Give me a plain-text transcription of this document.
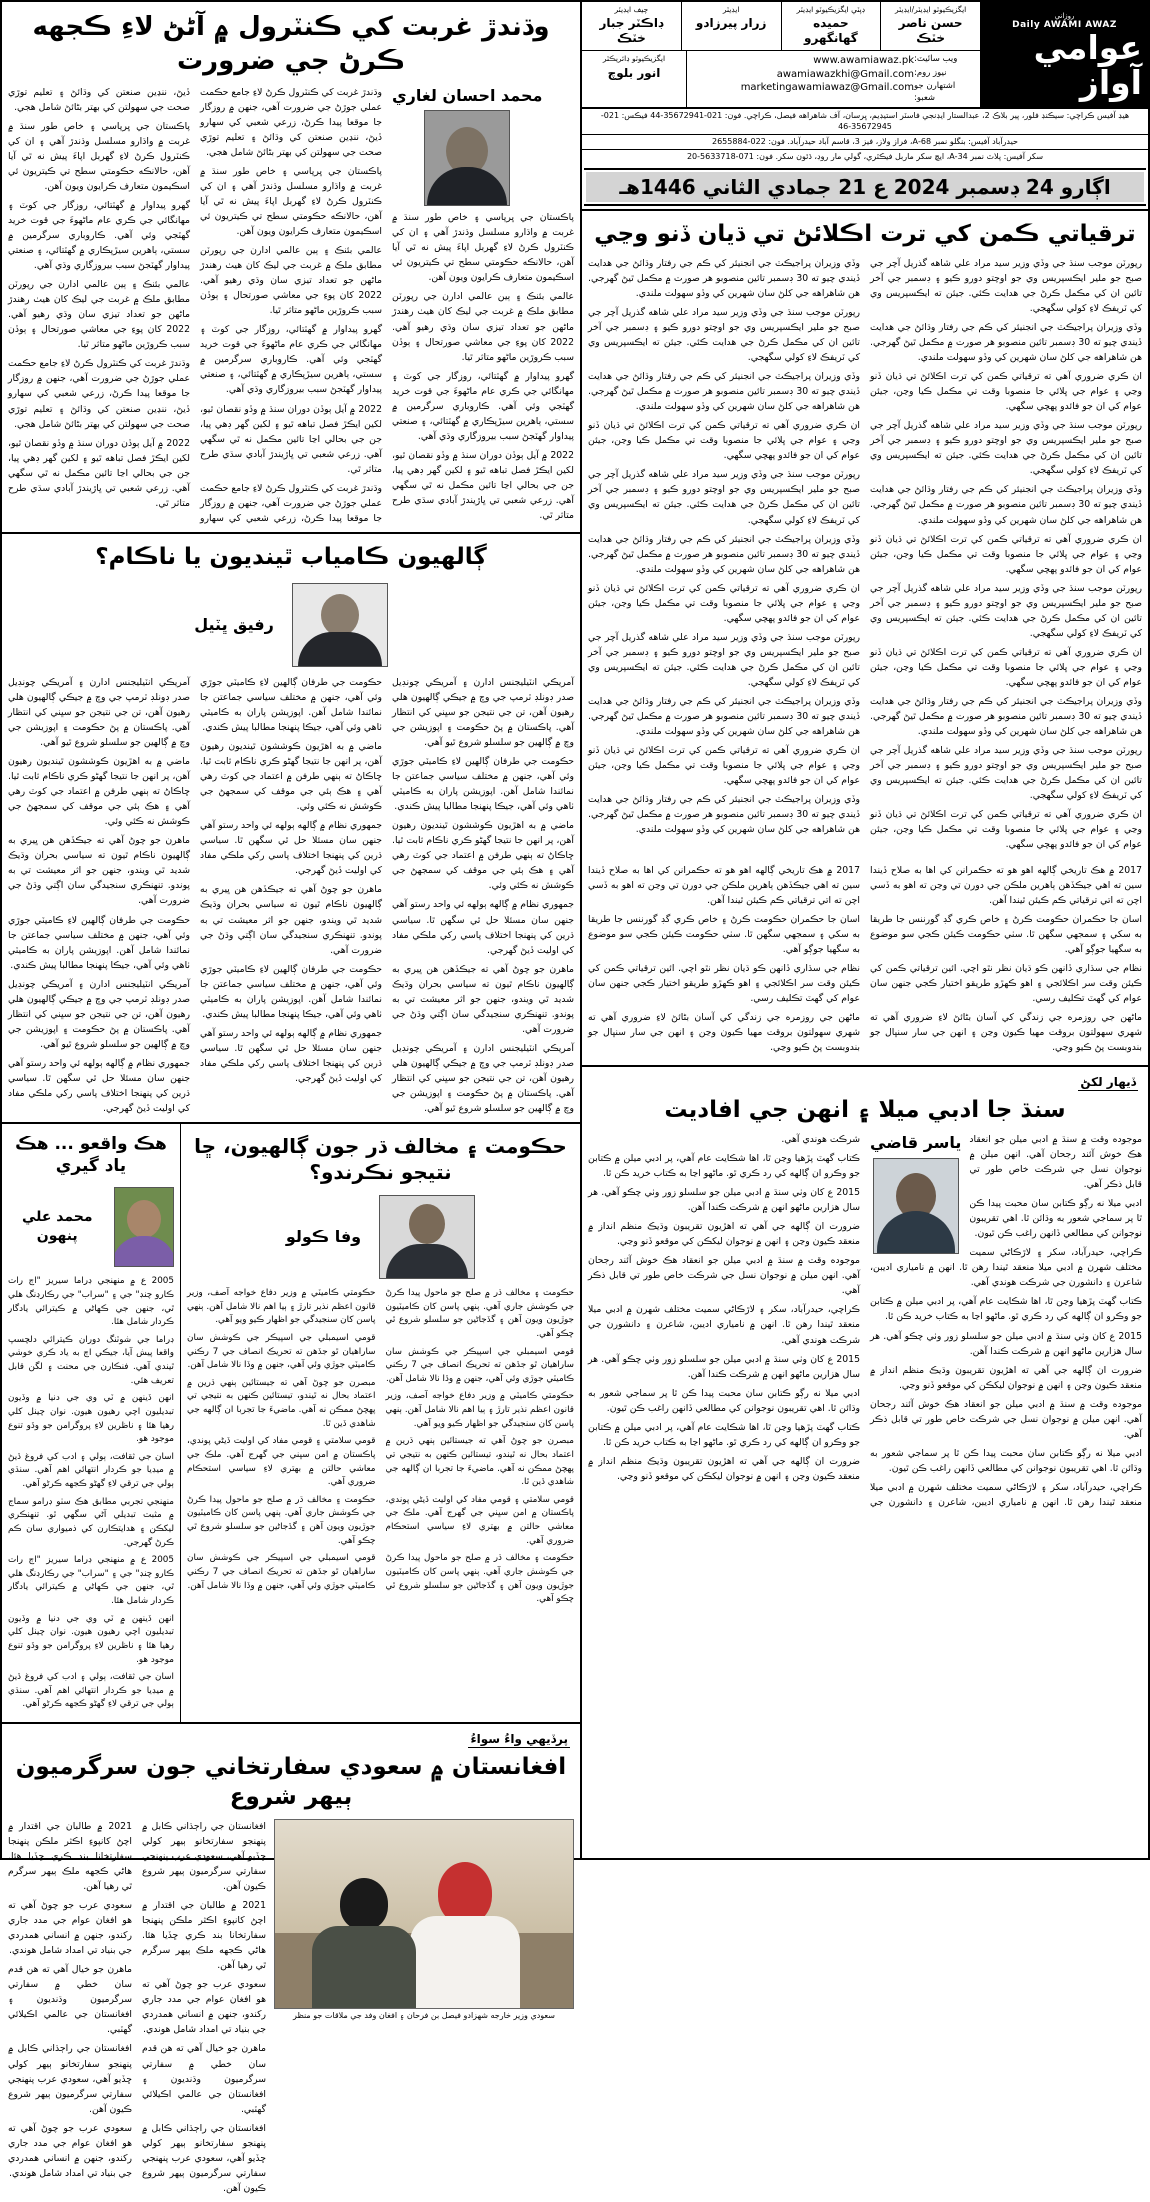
روزاني
Daily AWAMI AWAZ
عوامي آواز
ايگزيڪيوٽو ايڊيٽر/ايڊيٽر
حسن ناصر خٽڪ
ڊپٽي ايگزيڪيوٽو ايڊيٽر
حميده گھانگھرو
ايڊيٽر
زرار پيرزادو
چيف ايڊيٽر
ڊاڪٽر جبار خٽڪ
ويب سائيٽ:
www.awamiawaz.pk
نيوز روم:
awamiawazkhi@Gmail.com
اشتهارن جو شعبو:
marketingawamiawaz@Gmail.com
ايگزيڪيوٽو ڊائريڪٽر
انور بلوچ
هيڊ آفيس ڪراچي: سيڪنڊ فلور، پير بلاڪ 2، عبدالستار ايڊنجي فاسٽر استيڊيم، ڀرسان، آف شاهراهه فيصل، ڪراچي. فون: 021-35672941-44 فيڪس: 021-35672945-46
حيدرآباد آفيس: بنگلو نمبر 68-A، فراز ولاز، فيز 3، قاسم آباد حيدرآباد. فون: 022-2655884
سکر آفيس: پلاٽ نمبر 34-A، ايڇ سکر ماربل فيڪٽري، گولي مار روڊ، ڌئون سکر. فون: 071-5633718-20
اڳارو 24 ڊسمبر 2024 ع 21 جمادي الثاني 1446هـ
ترقياتي ڪمن کي ترت اڪلائڻ تي ڌيان ڏنو وڃي

رپورٽن موجب سنڌ جي وڏي وزير سيد مراد علي شاهه گذريل آچر جي صبح جو ملير ايڪسپريس وي جو اوچتو دورو ڪيو ۽ ڊسمبر جي آخر تائين ان کي مڪمل ڪرڻ جي هدايت ڪئي. جيئن ته ايڪسپريس وي کي ٽريفڪ لاءِ کولي سگهجي.

وڏي وزيران پراجيڪٽ جي انجنيئر کي ڪم جي رفتار وڌائڻ جي هدايت ڏيندي چيو ته 30 ڊسمبر تائين منصوبو هر صورت ۾ مڪمل ٿيڻ گهرجي. هن شاهراهه جي کلڻ سان شهرين کي وڏو سهولت ملندي.

ان ڪري ضروري آهي ته ترقياتي ڪمن کي ترت اڪلائڻ تي ڌيان ڏنو وڃي ۽ عوام جي ڀلائي جا منصوبا وقت تي مڪمل ڪيا وڃن، جيئن عوام کي ان جو فائدو پهچي سگهي.

رپورٽن موجب سنڌ جي وڏي وزير سيد مراد علي شاهه گذريل آچر جي صبح جو ملير ايڪسپريس وي جو اوچتو دورو ڪيو ۽ ڊسمبر جي آخر تائين ان کي مڪمل ڪرڻ جي هدايت ڪئي. جيئن ته ايڪسپريس وي کي ٽريفڪ لاءِ کولي سگهجي.

وڏي وزيران پراجيڪٽ جي انجنيئر کي ڪم جي رفتار وڌائڻ جي هدايت ڏيندي چيو ته 30 ڊسمبر تائين منصوبو هر صورت ۾ مڪمل ٿيڻ گهرجي. هن شاهراهه جي کلڻ سان شهرين کي وڏو سهولت ملندي.

ان ڪري ضروري آهي ته ترقياتي ڪمن کي ترت اڪلائڻ تي ڌيان ڏنو وڃي ۽ عوام جي ڀلائي جا منصوبا وقت تي مڪمل ڪيا وڃن، جيئن عوام کي ان جو فائدو پهچي سگهي.

رپورٽن موجب سنڌ جي وڏي وزير سيد مراد علي شاهه گذريل آچر جي صبح جو ملير ايڪسپريس وي جو اوچتو دورو ڪيو ۽ ڊسمبر جي آخر تائين ان کي مڪمل ڪرڻ جي هدايت ڪئي. جيئن ته ايڪسپريس وي کي ٽريفڪ لاءِ کولي سگهجي.

ان ڪري ضروري آهي ته ترقياتي ڪمن کي ترت اڪلائڻ تي ڌيان ڏنو وڃي ۽ عوام جي ڀلائي جا منصوبا وقت تي مڪمل ڪيا وڃن، جيئن عوام کي ان جو فائدو پهچي سگهي.

وڏي وزيران پراجيڪٽ جي انجنيئر کي ڪم جي رفتار وڌائڻ جي هدايت ڏيندي چيو ته 30 ڊسمبر تائين منصوبو هر صورت ۾ مڪمل ٿيڻ گهرجي. هن شاهراهه جي کلڻ سان شهرين کي وڏو سهولت ملندي.

رپورٽن موجب سنڌ جي وڏي وزير سيد مراد علي شاهه گذريل آچر جي صبح جو ملير ايڪسپريس وي جو اوچتو دورو ڪيو ۽ ڊسمبر جي آخر تائين ان کي مڪمل ڪرڻ جي هدايت ڪئي. جيئن ته ايڪسپريس وي کي ٽريفڪ لاءِ کولي سگهجي.

ان ڪري ضروري آهي ته ترقياتي ڪمن کي ترت اڪلائڻ تي ڌيان ڏنو وڃي ۽ عوام جي ڀلائي جا منصوبا وقت تي مڪمل ڪيا وڃن، جيئن عوام کي ان جو فائدو پهچي سگهي.

وڏي وزيران پراجيڪٽ جي انجنيئر کي ڪم جي رفتار وڌائڻ جي هدايت ڏيندي چيو ته 30 ڊسمبر تائين منصوبو هر صورت ۾ مڪمل ٿيڻ گهرجي. هن شاهراهه جي کلڻ سان شهرين کي وڏو سهولت ملندي.

رپورٽن موجب سنڌ جي وڏي وزير سيد مراد علي شاهه گذريل آچر جي صبح جو ملير ايڪسپريس وي جو اوچتو دورو ڪيو ۽ ڊسمبر جي آخر تائين ان کي مڪمل ڪرڻ جي هدايت ڪئي. جيئن ته ايڪسپريس وي کي ٽريفڪ لاءِ کولي سگهجي.

وڏي وزيران پراجيڪٽ جي انجنيئر کي ڪم جي رفتار وڌائڻ جي هدايت ڏيندي چيو ته 30 ڊسمبر تائين منصوبو هر صورت ۾ مڪمل ٿيڻ گهرجي. هن شاهراهه جي کلڻ سان شهرين کي وڏو سهولت ملندي.

ان ڪري ضروري آهي ته ترقياتي ڪمن کي ترت اڪلائڻ تي ڌيان ڏنو وڃي ۽ عوام جي ڀلائي جا منصوبا وقت تي مڪمل ڪيا وڃن، جيئن عوام کي ان جو فائدو پهچي سگهي.

رپورٽن موجب سنڌ جي وڏي وزير سيد مراد علي شاهه گذريل آچر جي صبح جو ملير ايڪسپريس وي جو اوچتو دورو ڪيو ۽ ڊسمبر جي آخر تائين ان کي مڪمل ڪرڻ جي هدايت ڪئي. جيئن ته ايڪسپريس وي کي ٽريفڪ لاءِ کولي سگهجي.

وڏي وزيران پراجيڪٽ جي انجنيئر کي ڪم جي رفتار وڌائڻ جي هدايت ڏيندي چيو ته 30 ڊسمبر تائين منصوبو هر صورت ۾ مڪمل ٿيڻ گهرجي. هن شاهراهه جي کلڻ سان شهرين کي وڏو سهولت ملندي.

ان ڪري ضروري آهي ته ترقياتي ڪمن کي ترت اڪلائڻ تي ڌيان ڏنو وڃي ۽ عوام جي ڀلائي جا منصوبا وقت تي مڪمل ڪيا وڃن، جيئن عوام کي ان جو فائدو پهچي سگهي.

رپورٽن موجب سنڌ جي وڏي وزير سيد مراد علي شاهه گذريل آچر جي صبح جو ملير ايڪسپريس وي جو اوچتو دورو ڪيو ۽ ڊسمبر جي آخر تائين ان کي مڪمل ڪرڻ جي هدايت ڪئي. جيئن ته ايڪسپريس وي کي ٽريفڪ لاءِ کولي سگهجي.

وڏي وزيران پراجيڪٽ جي انجنيئر کي ڪم جي رفتار وڌائڻ جي هدايت ڏيندي چيو ته 30 ڊسمبر تائين منصوبو هر صورت ۾ مڪمل ٿيڻ گهرجي. هن شاهراهه جي کلڻ سان شهرين کي وڏو سهولت ملندي.

ان ڪري ضروري آهي ته ترقياتي ڪمن کي ترت اڪلائڻ تي ڌيان ڏنو وڃي ۽ عوام جي ڀلائي جا منصوبا وقت تي مڪمل ڪيا وڃن، جيئن عوام کي ان جو فائدو پهچي سگهي.

وڏي وزيران پراجيڪٽ جي انجنيئر کي ڪم جي رفتار وڌائڻ جي هدايت ڏيندي چيو ته 30 ڊسمبر تائين منصوبو هر صورت ۾ مڪمل ٿيڻ گهرجي. هن شاهراهه جي کلڻ سان شهرين کي وڏو سهولت ملندي.

2017 ۾ هڪ تاريخي ڳالهه اهو هو ته حڪمرانن کي اها به صلاح ڏيندا سين ته اهي جيڪڏهن ٻاهرين ملڪن جي دورن تي وڃن ته اهو به ڏسي اچن ته اتي ترقياتي ڪم ڪيئن ٿيندا آهن.

اسان جا حڪمران حڪومت ڪرڻ ۽ خاص ڪري گڊ گورننس جا طريقا به سکي ۽ سمجهي سگهن ٿا. سٺي حڪومت ڪيئن ڪجي سو موضوع به سگهيا جوڳو آهي.

نظام جي سڌاري ڏانهن ڪو ڌيان نظر نٿو اچي. ائين ترقياتي ڪمن کي ڪيئن وقت سر اڪلائجي ۽ اهو ڪهڙو طريقو اختيار ڪجي جنهن سان عوام کي گهٽ تڪليف رسي.

ماڻهن جي روزمره جي زندگي کي آسان بڻائڻ لاءِ ضروري آهي ته شهري سهولتون بروقت مهيا ڪيون وڃن ۽ انهن جي سار سنڀال جو بندوبست پڻ ڪيو وڃي.

2017 ۾ هڪ تاريخي ڳالهه اهو هو ته حڪمرانن کي اها به صلاح ڏيندا سين ته اهي جيڪڏهن ٻاهرين ملڪن جي دورن تي وڃن ته اهو به ڏسي اچن ته اتي ترقياتي ڪم ڪيئن ٿيندا آهن.

اسان جا حڪمران حڪومت ڪرڻ ۽ خاص ڪري گڊ گورننس جا طريقا به سکي ۽ سمجهي سگهن ٿا. سٺي حڪومت ڪيئن ڪجي سو موضوع به سگهيا جوڳو آهي.

نظام جي سڌاري ڏانهن ڪو ڌيان نظر نٿو اچي. ائين ترقياتي ڪمن کي ڪيئن وقت سر اڪلائجي ۽ اهو ڪهڙو طريقو اختيار ڪجي جنهن سان عوام کي گهٽ تڪليف رسي.

ماڻهن جي روزمره جي زندگي کي آسان بڻائڻ لاءِ ضروري آهي ته شهري سهولتون بروقت مهيا ڪيون وڃن ۽ انهن جي سار سنڀال جو بندوبست پڻ ڪيو وڃي.

ڏيهار لکڻ
سنڌ جا ادبي ميلا ۽ انهن جي افاديت
ياسر قاضي موجوده وقت ۾ سنڌ ۾ ادبي ميلن جو انعقاد هڪ خوش آئند رجحان آهي. انهن ميلن ۾ نوجوان نسل جي شرڪت خاص طور تي قابل ذڪر آهي.

ادبي ميلا نه رڳو ڪتابن سان محبت پيدا ڪن ٿا پر سماجي شعور به وڌائن ٿا. اهي تقريبون نوجوانن کي مطالعي ڏانهن راغب ڪن ٿيون.

ڪراچي، حيدرآباد، سکر ۽ لاڙڪاڻي سميت مختلف شهرن ۾ ادبي ميلا منعقد ٿيندا رهن ٿا. انهن ۾ نامياري اديبن، شاعرن ۽ دانشورن جي شرڪت هوندي آهي.

ڪتاب گهٽ پڙهيا وڃن ٿا، اها شڪايت عام آهي، پر ادبي ميلن ۾ ڪتابن جو وڪرو ان ڳالهه کي رد ڪري ٿو. ماڻهو اڃا به ڪتاب خريد ڪن ٿا.

2015 ع کان وٺي سنڌ ۾ ادبي ميلن جو سلسلو زور وٺي چڪو آهي. هر سال هزارين ماڻهو انهن ۾ شرڪت ڪندا آهن.

ضرورت ان ڳالهه جي آهي ته اهڙيون تقريبون وڌيڪ منظم انداز ۾ منعقد ڪيون وڃن ۽ انهن ۾ نوجوان ليکڪن کي موقعو ڏنو وڃي.

موجوده وقت ۾ سنڌ ۾ ادبي ميلن جو انعقاد هڪ خوش آئند رجحان آهي. انهن ميلن ۾ نوجوان نسل جي شرڪت خاص طور تي قابل ذڪر آهي.

ادبي ميلا نه رڳو ڪتابن سان محبت پيدا ڪن ٿا پر سماجي شعور به وڌائن ٿا. اهي تقريبون نوجوانن کي مطالعي ڏانهن راغب ڪن ٿيون.

ڪراچي، حيدرآباد، سکر ۽ لاڙڪاڻي سميت مختلف شهرن ۾ ادبي ميلا منعقد ٿيندا رهن ٿا. انهن ۾ نامياري اديبن، شاعرن ۽ دانشورن جي شرڪت هوندي آهي.

ڪتاب گهٽ پڙهيا وڃن ٿا، اها شڪايت عام آهي، پر ادبي ميلن ۾ ڪتابن جو وڪرو ان ڳالهه کي رد ڪري ٿو. ماڻهو اڃا به ڪتاب خريد ڪن ٿا.

2015 ع کان وٺي سنڌ ۾ ادبي ميلن جو سلسلو زور وٺي چڪو آهي. هر سال هزارين ماڻهو انهن ۾ شرڪت ڪندا آهن.

ضرورت ان ڳالهه جي آهي ته اهڙيون تقريبون وڌيڪ منظم انداز ۾ منعقد ڪيون وڃن ۽ انهن ۾ نوجوان ليکڪن کي موقعو ڏنو وڃي.

موجوده وقت ۾ سنڌ ۾ ادبي ميلن جو انعقاد هڪ خوش آئند رجحان آهي. انهن ميلن ۾ نوجوان نسل جي شرڪت خاص طور تي قابل ذڪر آهي.

ڪراچي، حيدرآباد، سکر ۽ لاڙڪاڻي سميت مختلف شهرن ۾ ادبي ميلا منعقد ٿيندا رهن ٿا. انهن ۾ نامياري اديبن، شاعرن ۽ دانشورن جي شرڪت هوندي آهي.

2015 ع کان وٺي سنڌ ۾ ادبي ميلن جو سلسلو زور وٺي چڪو آهي. هر سال هزارين ماڻهو انهن ۾ شرڪت ڪندا آهن.

ادبي ميلا نه رڳو ڪتابن سان محبت پيدا ڪن ٿا پر سماجي شعور به وڌائن ٿا. اهي تقريبون نوجوانن کي مطالعي ڏانهن راغب ڪن ٿيون.

ڪتاب گهٽ پڙهيا وڃن ٿا، اها شڪايت عام آهي، پر ادبي ميلن ۾ ڪتابن جو وڪرو ان ڳالهه کي رد ڪري ٿو. ماڻهو اڃا به ڪتاب خريد ڪن ٿا.

ضرورت ان ڳالهه جي آهي ته اهڙيون تقريبون وڌيڪ منظم انداز ۾ منعقد ڪيون وڃن ۽ انهن ۾ نوجوان ليکڪن کي موقعو ڏنو وڃي.

وڌندڙ غربت کي ڪنٽرول ۾ آڻڻ لاءِ ڪجهه ڪرڻ جي ضرورت
محمد احسان لغاري

پاڪستان جي ڀرپاسي ۽ خاص طور سنڌ ۾ غربت ۾ واڌارو مسلسل وڌندڙ آهي ۽ ان کي ڪنٽرول ڪرڻ لاءِ گهربل اپاءَ پيش نه ٿي آيا آهن، حالانڪه حڪومتي سطح تي ڪيتريون ئي اسڪيمون متعارف ڪرايون ويون آهن.

عالمي بئنڪ ۽ ٻين عالمي ادارن جي رپورٽن مطابق ملڪ ۾ غربت جي ليڪ کان هيٺ رهندڙ ماڻهن جو تعداد تيزي سان وڌي رهيو آهي. 2022 کان پوءِ جي معاشي صورتحال ۽ ٻوڏن سبب ڪروڙين ماڻهو متاثر ٿيا.

گهرو پيداوار ۾ گهٽتائي، روزگار جي کوٽ ۽ مهانگائي جي ڪري عام ماڻهوءَ جي قوت خريد گهٽجي وئي آهي. ڪاروباري سرگرمين ۾ سستي، ٻاهرين سيڙپڪاري ۾ گهٽتائي، ۽ صنعتي پيداوار گهٽجڻ سبب بيروزگاري وڌي آهي.

2022 ۾ آيل ٻوڏن دوران سنڌ ۾ وڏو نقصان ٿيو، لکين ايڪڙ فصل تباهه ٿيو ۽ لکين گهر ڊهي پيا، جن جي بحالي اڃا تائين مڪمل نه ٿي سگهي آهي. زرعي شعبي تي ڀاڙيندڙ آبادي سڌي طرح متاثر ٿي.

وڌندڙ غربت کي ڪنٽرول ڪرڻ لاءِ جامع حڪمت عملي جوڙڻ جي ضرورت آهي، جنهن ۾ روزگار جا موقعا پيدا ڪرڻ، زرعي شعبي کي سهارو ڏيڻ، ننڍين صنعتن کي وڌائڻ ۽ تعليم توڙي صحت جي سهولتن کي بهتر بڻائڻ شامل هجي.

پاڪستان جي ڀرپاسي ۽ خاص طور سنڌ ۾ غربت ۾ واڌارو مسلسل وڌندڙ آهي ۽ ان کي ڪنٽرول ڪرڻ لاءِ گهربل اپاءَ پيش نه ٿي آيا آهن، حالانڪه حڪومتي سطح تي ڪيتريون ئي اسڪيمون متعارف ڪرايون ويون آهن.

عالمي بئنڪ ۽ ٻين عالمي ادارن جي رپورٽن مطابق ملڪ ۾ غربت جي ليڪ کان هيٺ رهندڙ ماڻهن جو تعداد تيزي سان وڌي رهيو آهي. 2022 کان پوءِ جي معاشي صورتحال ۽ ٻوڏن سبب ڪروڙين ماڻهو متاثر ٿيا.

گهرو پيداوار ۾ گهٽتائي، روزگار جي کوٽ ۽ مهانگائي جي ڪري عام ماڻهوءَ جي قوت خريد گهٽجي وئي آهي. ڪاروباري سرگرمين ۾ سستي، ٻاهرين سيڙپڪاري ۾ گهٽتائي، ۽ صنعتي پيداوار گهٽجڻ سبب بيروزگاري وڌي آهي.

2022 ۾ آيل ٻوڏن دوران سنڌ ۾ وڏو نقصان ٿيو، لکين ايڪڙ فصل تباهه ٿيو ۽ لکين گهر ڊهي پيا، جن جي بحالي اڃا تائين مڪمل نه ٿي سگهي آهي. زرعي شعبي تي ڀاڙيندڙ آبادي سڌي طرح متاثر ٿي.

وڌندڙ غربت کي ڪنٽرول ڪرڻ لاءِ جامع حڪمت عملي جوڙڻ جي ضرورت آهي، جنهن ۾ روزگار جا موقعا پيدا ڪرڻ، زرعي شعبي کي سهارو ڏيڻ، ننڍين صنعتن کي وڌائڻ ۽ تعليم توڙي صحت جي سهولتن کي بهتر بڻائڻ شامل هجي.

پاڪستان جي ڀرپاسي ۽ خاص طور سنڌ ۾ غربت ۾ واڌارو مسلسل وڌندڙ آهي ۽ ان کي ڪنٽرول ڪرڻ لاءِ گهربل اپاءَ پيش نه ٿي آيا آهن، حالانڪه حڪومتي سطح تي ڪيتريون ئي اسڪيمون متعارف ڪرايون ويون آهن.

گهرو پيداوار ۾ گهٽتائي، روزگار جي کوٽ ۽ مهانگائي جي ڪري عام ماڻهوءَ جي قوت خريد گهٽجي وئي آهي. ڪاروباري سرگرمين ۾ سستي، ٻاهرين سيڙپڪاري ۾ گهٽتائي، ۽ صنعتي پيداوار گهٽجڻ سبب بيروزگاري وڌي آهي.

عالمي بئنڪ ۽ ٻين عالمي ادارن جي رپورٽن مطابق ملڪ ۾ غربت جي ليڪ کان هيٺ رهندڙ ماڻهن جو تعداد تيزي سان وڌي رهيو آهي. 2022 کان پوءِ جي معاشي صورتحال ۽ ٻوڏن سبب ڪروڙين ماڻهو متاثر ٿيا.

وڌندڙ غربت کي ڪنٽرول ڪرڻ لاءِ جامع حڪمت عملي جوڙڻ جي ضرورت آهي، جنهن ۾ روزگار جا موقعا پيدا ڪرڻ، زرعي شعبي کي سهارو ڏيڻ، ننڍين صنعتن کي وڌائڻ ۽ تعليم توڙي صحت جي سهولتن کي بهتر بڻائڻ شامل هجي.

2022 ۾ آيل ٻوڏن دوران سنڌ ۾ وڏو نقصان ٿيو، لکين ايڪڙ فصل تباهه ٿيو ۽ لکين گهر ڊهي پيا، جن جي بحالي اڃا تائين مڪمل نه ٿي سگهي آهي. زرعي شعبي تي ڀاڙيندڙ آبادي سڌي طرح متاثر ٿي.

ڳالهيون ڪامياب ٿينديون يا ناڪام؟
رفيق ڀٽيل

آمريڪي انٽيليجنس ادارن ۽ آمريڪي چونڊيل صدر ڊونلڊ ٽرمپ جي وچ ۾ جيڪي ڳالهيون هلي رهيون آهن، تن جي نتيجن جو سڀني کي انتظار آهي. پاڪستان ۾ پڻ حڪومت ۽ اپوزيشن جي وچ ۾ ڳالهين جو سلسلو شروع ٿيو آهي.

حڪومت جي طرفان ڳالهين لاءِ ڪاميٽي جوڙي وئي آهي، جنهن ۾ مختلف سياسي جماعتن جا نمائندا شامل آهن. اپوزيشن پاران به ڪاميٽي ٺاهي وئي آهي، جيڪا پنهنجا مطالبا پيش ڪندي.

ماضي ۾ به اهڙيون ڪوششون ٿينديون رهيون آهن، پر انهن جا نتيجا گهڻو ڪري ناڪام ثابت ٿيا. ڇاڪاڻ ته ٻنهي طرفن ۾ اعتماد جي کوٽ رهي آهي ۽ هڪ ٻئي جي موقف کي سمجهڻ جي ڪوشش نه ڪئي وئي.

جمهوري نظام ۾ ڳالهه ٻولهه ئي واحد رستو آهي جنهن سان مسئلا حل ٿي سگهن ٿا. سياسي ڌرين کي پنهنجا اختلاف پاسي رکي ملڪي مفاد کي اوليت ڏيڻ گهرجي.

ماهرن جو چوڻ آهي ته جيڪڏهن هن ڀيري به ڳالهيون ناڪام ٿيون ته سياسي بحران وڌيڪ شديد ٿي ويندو، جنهن جو اثر معيشت تي به پوندو. تنهنڪري سنجيدگي سان اڳتي وڌڻ جي ضرورت آهي.

آمريڪي انٽيليجنس ادارن ۽ آمريڪي چونڊيل صدر ڊونلڊ ٽرمپ جي وچ ۾ جيڪي ڳالهيون هلي رهيون آهن، تن جي نتيجن جو سڀني کي انتظار آهي. پاڪستان ۾ پڻ حڪومت ۽ اپوزيشن جي وچ ۾ ڳالهين جو سلسلو شروع ٿيو آهي.

حڪومت جي طرفان ڳالهين لاءِ ڪاميٽي جوڙي وئي آهي، جنهن ۾ مختلف سياسي جماعتن جا نمائندا شامل آهن. اپوزيشن پاران به ڪاميٽي ٺاهي وئي آهي، جيڪا پنهنجا مطالبا پيش ڪندي.

ماضي ۾ به اهڙيون ڪوششون ٿينديون رهيون آهن، پر انهن جا نتيجا گهڻو ڪري ناڪام ثابت ٿيا. ڇاڪاڻ ته ٻنهي طرفن ۾ اعتماد جي کوٽ رهي آهي ۽ هڪ ٻئي جي موقف کي سمجهڻ جي ڪوشش نه ڪئي وئي.

جمهوري نظام ۾ ڳالهه ٻولهه ئي واحد رستو آهي جنهن سان مسئلا حل ٿي سگهن ٿا. سياسي ڌرين کي پنهنجا اختلاف پاسي رکي ملڪي مفاد کي اوليت ڏيڻ گهرجي.

ماهرن جو چوڻ آهي ته جيڪڏهن هن ڀيري به ڳالهيون ناڪام ٿيون ته سياسي بحران وڌيڪ شديد ٿي ويندو، جنهن جو اثر معيشت تي به پوندو. تنهنڪري سنجيدگي سان اڳتي وڌڻ جي ضرورت آهي.

حڪومت جي طرفان ڳالهين لاءِ ڪاميٽي جوڙي وئي آهي، جنهن ۾ مختلف سياسي جماعتن جا نمائندا شامل آهن. اپوزيشن پاران به ڪاميٽي ٺاهي وئي آهي، جيڪا پنهنجا مطالبا پيش ڪندي.

جمهوري نظام ۾ ڳالهه ٻولهه ئي واحد رستو آهي جنهن سان مسئلا حل ٿي سگهن ٿا. سياسي ڌرين کي پنهنجا اختلاف پاسي رکي ملڪي مفاد کي اوليت ڏيڻ گهرجي.

آمريڪي انٽيليجنس ادارن ۽ آمريڪي چونڊيل صدر ڊونلڊ ٽرمپ جي وچ ۾ جيڪي ڳالهيون هلي رهيون آهن، تن جي نتيجن جو سڀني کي انتظار آهي. پاڪستان ۾ پڻ حڪومت ۽ اپوزيشن جي وچ ۾ ڳالهين جو سلسلو شروع ٿيو آهي.

ماضي ۾ به اهڙيون ڪوششون ٿينديون رهيون آهن، پر انهن جا نتيجا گهڻو ڪري ناڪام ثابت ٿيا. ڇاڪاڻ ته ٻنهي طرفن ۾ اعتماد جي کوٽ رهي آهي ۽ هڪ ٻئي جي موقف کي سمجهڻ جي ڪوشش نه ڪئي وئي.

ماهرن جو چوڻ آهي ته جيڪڏهن هن ڀيري به ڳالهيون ناڪام ٿيون ته سياسي بحران وڌيڪ شديد ٿي ويندو، جنهن جو اثر معيشت تي به پوندو. تنهنڪري سنجيدگي سان اڳتي وڌڻ جي ضرورت آهي.

حڪومت جي طرفان ڳالهين لاءِ ڪاميٽي جوڙي وئي آهي، جنهن ۾ مختلف سياسي جماعتن جا نمائندا شامل آهن. اپوزيشن پاران به ڪاميٽي ٺاهي وئي آهي، جيڪا پنهنجا مطالبا پيش ڪندي.

آمريڪي انٽيليجنس ادارن ۽ آمريڪي چونڊيل صدر ڊونلڊ ٽرمپ جي وچ ۾ جيڪي ڳالهيون هلي رهيون آهن، تن جي نتيجن جو سڀني کي انتظار آهي. پاڪستان ۾ پڻ حڪومت ۽ اپوزيشن جي وچ ۾ ڳالهين جو سلسلو شروع ٿيو آهي.

جمهوري نظام ۾ ڳالهه ٻولهه ئي واحد رستو آهي جنهن سان مسئلا حل ٿي سگهن ٿا. سياسي ڌرين کي پنهنجا اختلاف پاسي رکي ملڪي مفاد کي اوليت ڏيڻ گهرجي.

حڪومت ۽ مخالف ڌر جون ڳالهيون، ڇا نتيجو نڪرندو؟
وفا ڪولو

حڪومت ۽ مخالف ڌر ۾ صلح جو ماحول پيدا ڪرڻ جي ڪوشش جاري آهي. ٻنهي پاسن کان ڪاميٽيون جوڙيون ويون آهن ۽ گڏجاڻين جو سلسلو شروع ٿي چڪو آهي.

قومي اسيمبلي جي اسپيڪر جي ڪوشش سان ساراهيان ٿو جڏهن ته تحريڪ انصاف جي 7 رڪني ڪاميٽي جوڙي وئي آهي، جنهن ۾ وڏا نالا شامل آهن.

حڪومتي ڪاميٽي ۾ وزير دفاع خواجه آصف، وزير قانون اعظم نذير تارڙ ۽ ٻيا اهم نالا شامل آهن. ٻنهي پاسن کان سنجيدگي جو اظهار ڪيو ويو آهي.

مبصرن جو چوڻ آهي ته جيستائين ٻنهي ڌرين ۾ اعتماد بحال نه ٿيندو، تيستائين ڪنهن به نتيجي تي پهچڻ ممڪن نه آهي. ماضيءَ جا تجربا ان ڳالهه جي شاهدي ڏين ٿا.

قومي سلامتي ۽ قومي مفاد کي اوليت ڏيڻي پوندي، پاڪستان ۾ امن سڀني جي گهرج آهي. ملڪ جي معاشي حالتن ۾ بهتري لاءِ سياسي استحڪام ضروري آهي.

حڪومت ۽ مخالف ڌر ۾ صلح جو ماحول پيدا ڪرڻ جي ڪوشش جاري آهي. ٻنهي پاسن کان ڪاميٽيون جوڙيون ويون آهن ۽ گڏجاڻين جو سلسلو شروع ٿي چڪو آهي.

حڪومتي ڪاميٽي ۾ وزير دفاع خواجه آصف، وزير قانون اعظم نذير تارڙ ۽ ٻيا اهم نالا شامل آهن. ٻنهي پاسن کان سنجيدگي جو اظهار ڪيو ويو آهي.

قومي اسيمبلي جي اسپيڪر جي ڪوشش سان ساراهيان ٿو جڏهن ته تحريڪ انصاف جي 7 رڪني ڪاميٽي جوڙي وئي آهي، جنهن ۾ وڏا نالا شامل آهن.

مبصرن جو چوڻ آهي ته جيستائين ٻنهي ڌرين ۾ اعتماد بحال نه ٿيندو، تيستائين ڪنهن به نتيجي تي پهچڻ ممڪن نه آهي. ماضيءَ جا تجربا ان ڳالهه جي شاهدي ڏين ٿا.

قومي سلامتي ۽ قومي مفاد کي اوليت ڏيڻي پوندي، پاڪستان ۾ امن سڀني جي گهرج آهي. ملڪ جي معاشي حالتن ۾ بهتري لاءِ سياسي استحڪام ضروري آهي.

حڪومت ۽ مخالف ڌر ۾ صلح جو ماحول پيدا ڪرڻ جي ڪوشش جاري آهي. ٻنهي پاسن کان ڪاميٽيون جوڙيون ويون آهن ۽ گڏجاڻين جو سلسلو شروع ٿي چڪو آهي.

قومي اسيمبلي جي اسپيڪر جي ڪوشش سان ساراهيان ٿو جڏهن ته تحريڪ انصاف جي 7 رڪني ڪاميٽي جوڙي وئي آهي، جنهن ۾ وڏا نالا شامل آهن.

هڪ واقعو ... هڪ ياد گيري
محمد علي پنهون

2005 ع ۾ منهنجي ڊراما سيريز "اڄ رات ڪارو چنڊ" جي ۽ "سراب" جي رڪارڊنگ هلي ٿي، جنهن جي ڪهاڻي ۾ ڪيترائي يادگار ڪردار شامل هئا.

ڊراما جي شوٽنگ دوران ڪيترائي دلچسپ واقعا پيش آيا، جيڪي اڄ به ياد ڪري خوشي ٿيندي آهي. فنڪارن جي محنت ۽ لگن قابل تعريف هئي.

انهن ڏينهن ۾ ٽي وي جي دنيا ۾ وڏيون تبديليون اچي رهيون هيون. نوان چينل کلي رهيا هئا ۽ ناظرين لاءِ پروگرامن جو وڏو تنوع موجود هو.

اسان جي ثقافت، ٻولي ۽ ادب کي فروغ ڏيڻ ۾ ميڊيا جو ڪردار انتهائي اهم آهي. سنڌي ٻولي جي ترقي لاءِ گهڻو ڪجهه ڪرڻو آهي.

منهنجي تجربي مطابق هڪ سٺو ڊرامو سماج ۾ مثبت تبديلي آڻي سگهي ٿو. تنهنڪري ليکڪن ۽ هدايتڪارن کي ذميواري سان ڪم ڪرڻ گهرجي.

2005 ع ۾ منهنجي ڊراما سيريز "اڄ رات ڪارو چنڊ" جي ۽ "سراب" جي رڪارڊنگ هلي ٿي، جنهن جي ڪهاڻي ۾ ڪيترائي يادگار ڪردار شامل هئا.

انهن ڏينهن ۾ ٽي وي جي دنيا ۾ وڏيون تبديليون اچي رهيون هيون. نوان چينل کلي رهيا هئا ۽ ناظرين لاءِ پروگرامن جو وڏو تنوع موجود هو.

اسان جي ثقافت، ٻولي ۽ ادب کي فروغ ڏيڻ ۾ ميڊيا جو ڪردار انتهائي اهم آهي. سنڌي ٻولي جي ترقي لاءِ گهڻو ڪجهه ڪرڻو آهي.

پرڏيهي واءُ سواءُ
افغانستان ۾ سعودي سفارتخاني جون سرگرميون ٻيهر شروع
سعودي وزير خارجه شهزادو فيصل بن فرحان ۽ افغان وفد جي ملاقات جو منظر

افغانستان جي راڄڌاني ڪابل ۾ پنهنجو سفارتخانو ٻيهر کولي ڇڏيو آهي، سعودي عرب پنهنجي سفارتي سرگرميون ٻيهر شروع ڪيون آهن.

2021 ۾ طالبان جي اقتدار ۾ اچڻ کانپوءِ اڪثر ملڪن پنهنجا سفارتخانا بند ڪري ڇڏيا هئا. هاڻي ڪجهه ملڪ ٻيهر سرگرم ٿي رهيا آهن.

سعودي عرب جو چوڻ آهي ته هو افغان عوام جي مدد جاري رکندو، جنهن ۾ انساني همدردي جي بنياد تي امداد شامل هوندي.

ماهرن جو خيال آهي ته هن قدم سان خطي ۾ سفارتي سرگرميون وڌنديون ۽ افغانستان جي عالمي اڪيلائي گهٽبي.

افغانستان جي راڄڌاني ڪابل ۾ پنهنجو سفارتخانو ٻيهر کولي ڇڏيو آهي، سعودي عرب پنهنجي سفارتي سرگرميون ٻيهر شروع ڪيون آهن.

2021 ۾ طالبان جي اقتدار ۾ اچڻ کانپوءِ اڪثر ملڪن پنهنجا سفارتخانا بند ڪري ڇڏيا هئا. هاڻي ڪجهه ملڪ ٻيهر سرگرم ٿي رهيا آهن.

سعودي عرب جو چوڻ آهي ته هو افغان عوام جي مدد جاري رکندو، جنهن ۾ انساني همدردي جي بنياد تي امداد شامل هوندي.

ماهرن جو خيال آهي ته هن قدم سان خطي ۾ سفارتي سرگرميون وڌنديون ۽ افغانستان جي عالمي اڪيلائي گهٽبي.

افغانستان جي راڄڌاني ڪابل ۾ پنهنجو سفارتخانو ٻيهر کولي ڇڏيو آهي، سعودي عرب پنهنجي سفارتي سرگرميون ٻيهر شروع ڪيون آهن.

سعودي عرب جو چوڻ آهي ته هو افغان عوام جي مدد جاري رکندو، جنهن ۾ انساني همدردي جي بنياد تي امداد شامل هوندي.
